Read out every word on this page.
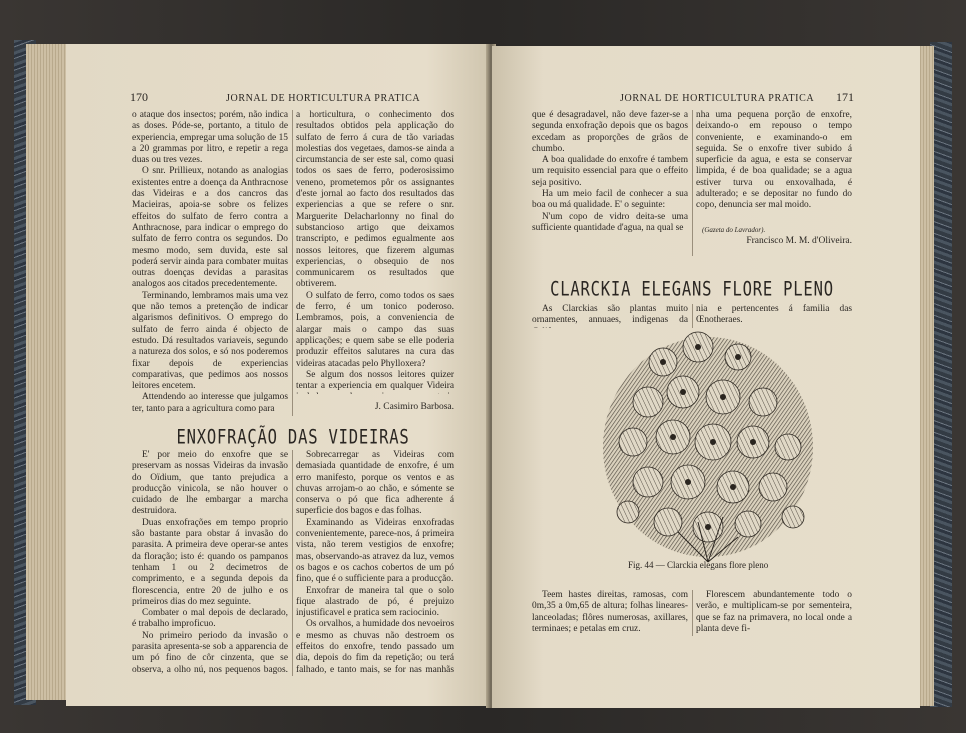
170	JORNAL DE HORTICULTURA PRATICA

o ataque dos insectos; porém, não indica as doses. Póde-se, portanto, a titulo de experiencia, empregar uma solução de 15 a 20 grammas por litro, e repetir a rega duas ou tres vezes.

O snr. Prillieux, notando as analogias existentes entre a doença da Anthracnose das Videiras e a dos cancros das Macieiras, apoia-se sobre os felizes effeitos do sulfato de ferro contra a Anthracnose, para indicar o emprego do sulfato de ferro contra os segundos. Do mesmo modo, sem duvida, este sal poderá servir ainda para combater muitas outras doenças devidas a parasitas analogos aos citados precedentemente.

Terminando, lembramos mais uma vez que não temos a pretenção de indicar algarismos definitivos. O emprego do sulfato de ferro ainda é objecto de estudo. Dá resultados variaveis, segundo a natureza dos solos, e só nos poderemos fixar depois de experiencias comparativas, que pedimos aos nossos leitores encetem.

Attendendo ao interesse que julgamos ter, tanto para a agricultura como para

a horticultura, o conhecimento dos resultados obtidos pela applicação do sulfato de ferro á cura de tão variadas molestias dos vegetaes, damos-se ainda a circumstancia de ser este sal, como quasi todos os saes de ferro, poderosissimo veneno, prometemos pôr os assignantes d'este jornal ao facto dos resultados das experiencias a que se refere o snr. Marguerite Delacharlonny no final do substancioso artigo que deixamos transcripto, e pedimos egualmente aos nossos leitores, que fizerem algumas experiencias, o obsequio de nos communicarem os resultados que obtiverem.

O sulfato de ferro, como todos os saes de ferro, é um tonico poderoso. Lembramos, pois, a conveniencia de alargar mais o campo das suas applicações; e quem sabe se elle poderia produzir effeitos salutares na cura das videiras atacadas pelo Phylloxera?

Se algum dos nossos leitores quizer tentar a experiencia em qualquer Videira

J. Casimiro Barbosa.
ENXOFRAÇÃO DAS VIDEIRAS

E' por meio do enxofre que se preservam as nossas Videiras da invasão do Oïdium, que tanto prejudica a producção vinicola, se não houver o cuidado de lhe embargar a marcha destruidora.

Duas enxofrações em tempo proprio são bastante para obstar á invasão do parasita. A primeira deve operar-se antes da floração; isto é: quando os pampanos tenham 1 ou 2 decimetros de comprimento, e a segunda depois da florescencia, entre 20 de julho e os primeiros dias do mez seguinte.

Combater o mal depois de declarado, é trabalho improficuo.

No primeiro periodo da invasão o parasita apresenta-se sob a apparencia de um pó fino de côr cinzenta, que se observa, a olho nú, nos pequenos bagos.

Sobrecarregar as Videiras com demasiada quantidade de enxofre, é um erro manifesto, porque os ventos e as chuvas arrojam-o ao chão, e sómente se conserva o pó que fica adherente á superficie dos bagos e das folhas.

Examinando as Videiras enxofradas convenientemente, parece-nos, á primeira vista, não terem vestigios de enxofre; mas, observando-as atravez da luz, vemos os bagos e os cachos cobertos de um pó fino, que é o sufficiente para a producção.

Enxofrar de maneira tal que o solo fique alastrado de pó, é prejuizo injustificavel e pratica sem raciocinio.

Os orvalhos, a humidade dos nevoeiros e mesmo as chuvas não destroem os effeitos do enxofre, tendo passado um dia, depois do fim da repetição; ou terá falhado, e tanto mais, se for nas manhãs

JORNAL DE HORTICULTURA PRATICA 171

que é desagradavel, não deve fazer-se a segunda enxofração depois que os bagos excedam as proporções de grãos de chumbo.

A boa qualidade do enxofre é tambem um requisito essencial para que o effeito seja positivo.

Ha um meio facil de conhecer a sua boa ou má qualidade. E' o seguinte:

N'um copo de vidro deita-se uma sufficiente quantidade d'agua, na qual se

nha uma pequena porção de enxofre, deixando-o em repouso o tempo conveniente, e examinando-o em seguida. Se o enxofre tiver subido á superficie da agua, e esta se conservar limpida, é de boa qualidade; se a agua estiver turva ou enxovalhada, é adulterado; e se depositar no fundo do copo, denuncia ser mal moido.

(Gazeta do Lavrador).
Francisco M. M. d'Oliveira.
CLARCKIA ELEGANS FLORE PLENO

As Clarckias são plantas muito ornamentes, annuaes, indigenas da

nia e pertencentes á familia das Œnotheraes.

Fig. 44 — Clarckia elegans flore pleno

Teem hastes direitas, ramosas, com 0m,35 a 0m,65 de altura; folhas lineares-lanceoladas; flôres numerosas, axillares, terminaes; e petalas em cruz.

Florescem abundantemente todo o verão, e multiplicam-se por sementeira, que se faz na primavera, no local onde a planta deve fi-
